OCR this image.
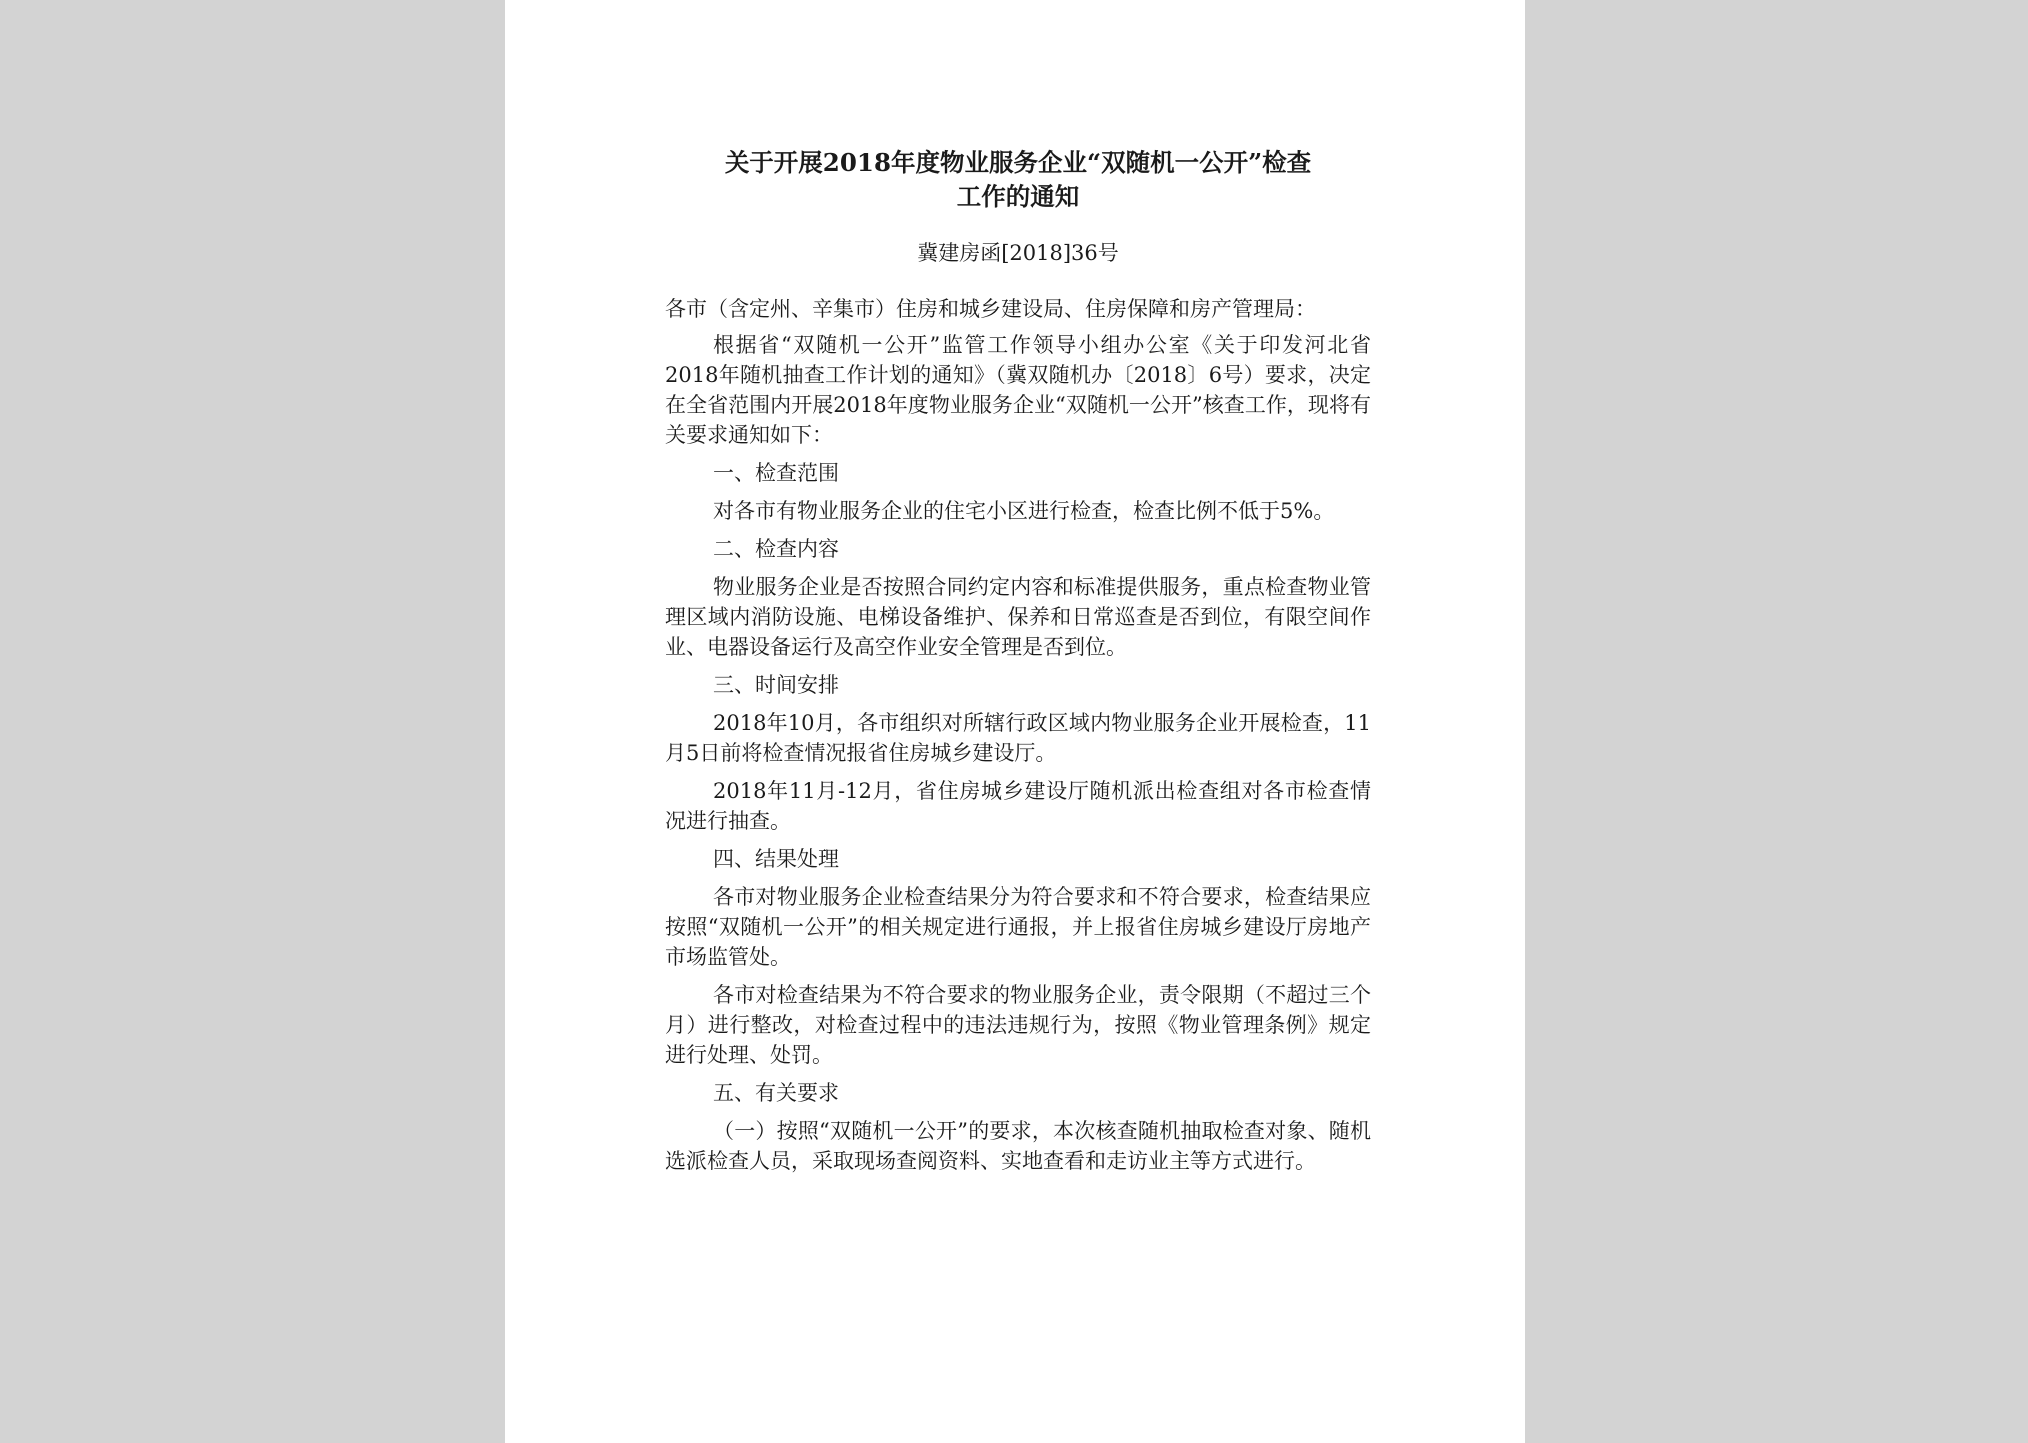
关于开展2018年度物业服务企业“双随机一公开”检查

工作的通知

冀建房函[2018]36号

各市（含定州、辛集市）住房和城乡建设局、住房保障和房产管理局：

根据省“双随机一公开”监管工作领导小组办公室《关于印发河北省2018年随机抽查工作计划的通知》（冀双随机办〔2018〕6号）要求，决定在全省范围内开展2018年度物业服务企业“双随机一公开”核查工作，现将有关要求通知如下：

一、检查范围

对各市有物业服务企业的住宅小区进行检查，检查比例不低于5%。

二、检查内容

物业服务企业是否按照合同约定内容和标准提供服务，重点检查物业管理区域内消防设施、电梯设备维护、保养和日常巡查是否到位，有限空间作业、电器设备运行及高空作业安全管理是否到位。

三、时间安排

2018年10月，各市组织对所辖行政区域内物业服务企业开展检查，11月5日前将检查情况报省住房城乡建设厅。

2018年11月-12月，省住房城乡建设厅随机派出检查组对各市检查情况进行抽查。

四、结果处理

各市对物业服务企业检查结果分为符合要求和不符合要求，检查结果应按照“双随机一公开”的相关规定进行通报，并上报省住房城乡建设厅房地产市场监管处。

各市对检查结果为不符合要求的物业服务企业，责令限期（不超过三个月）进行整改，对检查过程中的违法违规行为，按照《物业管理条例》规定进行处理、处罚。

五、有关要求

（一）按照“双随机一公开”的要求，本次核查随机抽取检查对象、随机选派检查人员，采取现场查阅资料、实地查看和走访业主等方式进行。
